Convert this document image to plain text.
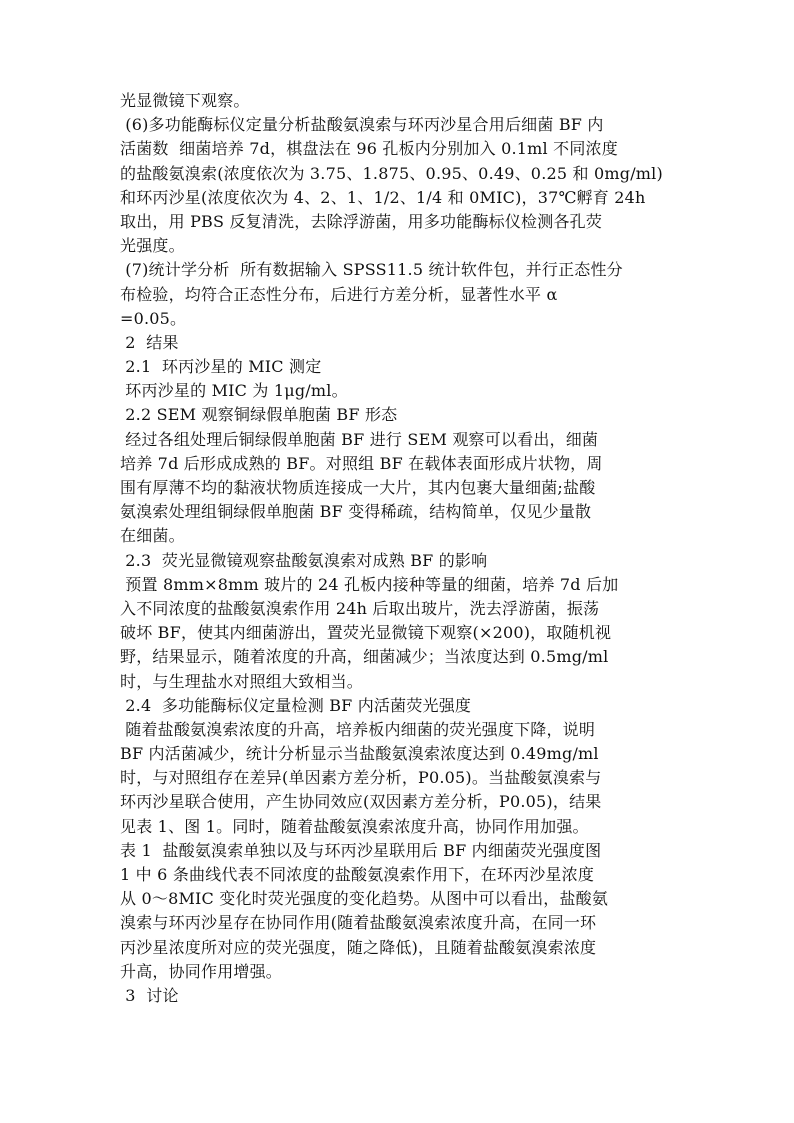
光显微镜下观察。
(6)多功能酶标仪定量分析盐酸氨溴索与环丙沙星合用后细菌 BF 内
活菌数  细菌培养 7d，棋盘法在 96 孔板内分别加入 0.1ml 不同浓度
的盐酸氨溴索(浓度依次为 3.75、1.875、0.95、0.49、0.25 和 0mg/ml)
和环丙沙星(浓度依次为 4、2、1、1/2、1/4 和 0MIC)，37℃孵育 24h
取出，用 PBS 反复清洗，去除浮游菌，用多功能酶标仪检测各孔荧
光强度。
(7)统计学分析  所有数据输入 SPSS11.5 统计软件包，并行正态性分
布检验，均符合正态性分布，后进行方差分析，显著性水平 α
=0.05。
2  结果
2.1  环丙沙星的 MIC 测定
环丙沙星的 MIC 为 1μg/ml。
2.2 SEM 观察铜绿假单胞菌 BF 形态
经过各组处理后铜绿假单胞菌 BF 进行 SEM 观察可以看出，细菌
培养 7d 后形成成熟的 BF。对照组 BF 在载体表面形成片状物，周
围有厚薄不均的黏液状物质连接成一大片，其内包裹大量细菌;盐酸
氨溴索处理组铜绿假单胞菌 BF 变得稀疏，结构简单，仅见少量散
在细菌。
2.3  荧光显微镜观察盐酸氨溴索对成熟 BF 的影响
预置 8mm×8mm 玻片的 24 孔板内接种等量的细菌，培养 7d 后加
入不同浓度的盐酸氨溴索作用 24h 后取出玻片，洗去浮游菌，振荡
破坏 BF，使其内细菌游出，置荧光显微镜下观察(×200)，取随机视
野，结果显示，随着浓度的升高，细菌减少；当浓度达到 0.5mg/ml
时，与生理盐水对照组大致相当。
2.4  多功能酶标仪定量检测 BF 内活菌荧光强度
随着盐酸氨溴索浓度的升高，培养板内细菌的荧光强度下降，说明
BF 内活菌减少，统计分析显示当盐酸氨溴索浓度达到 0.49mg/ml
时，与对照组存在差异(单因素方差分析，P0.05)。当盐酸氨溴索与
环丙沙星联合使用，产生协同效应(双因素方差分析，P0.05)，结果
见表 1、图 1。同时，随着盐酸氨溴索浓度升高，协同作用加强。
表 1  盐酸氨溴索单独以及与环丙沙星联用后 BF 内细菌荧光强度图
1 中 6 条曲线代表不同浓度的盐酸氨溴索作用下，在环丙沙星浓度
从 0～8MIC 变化时荧光强度的变化趋势。从图中可以看出，盐酸氨
溴索与环丙沙星存在协同作用(随着盐酸氨溴索浓度升高，在同一环
丙沙星浓度所对应的荧光强度，随之降低)，且随着盐酸氨溴索浓度
升高，协同作用增强。
3  讨论
